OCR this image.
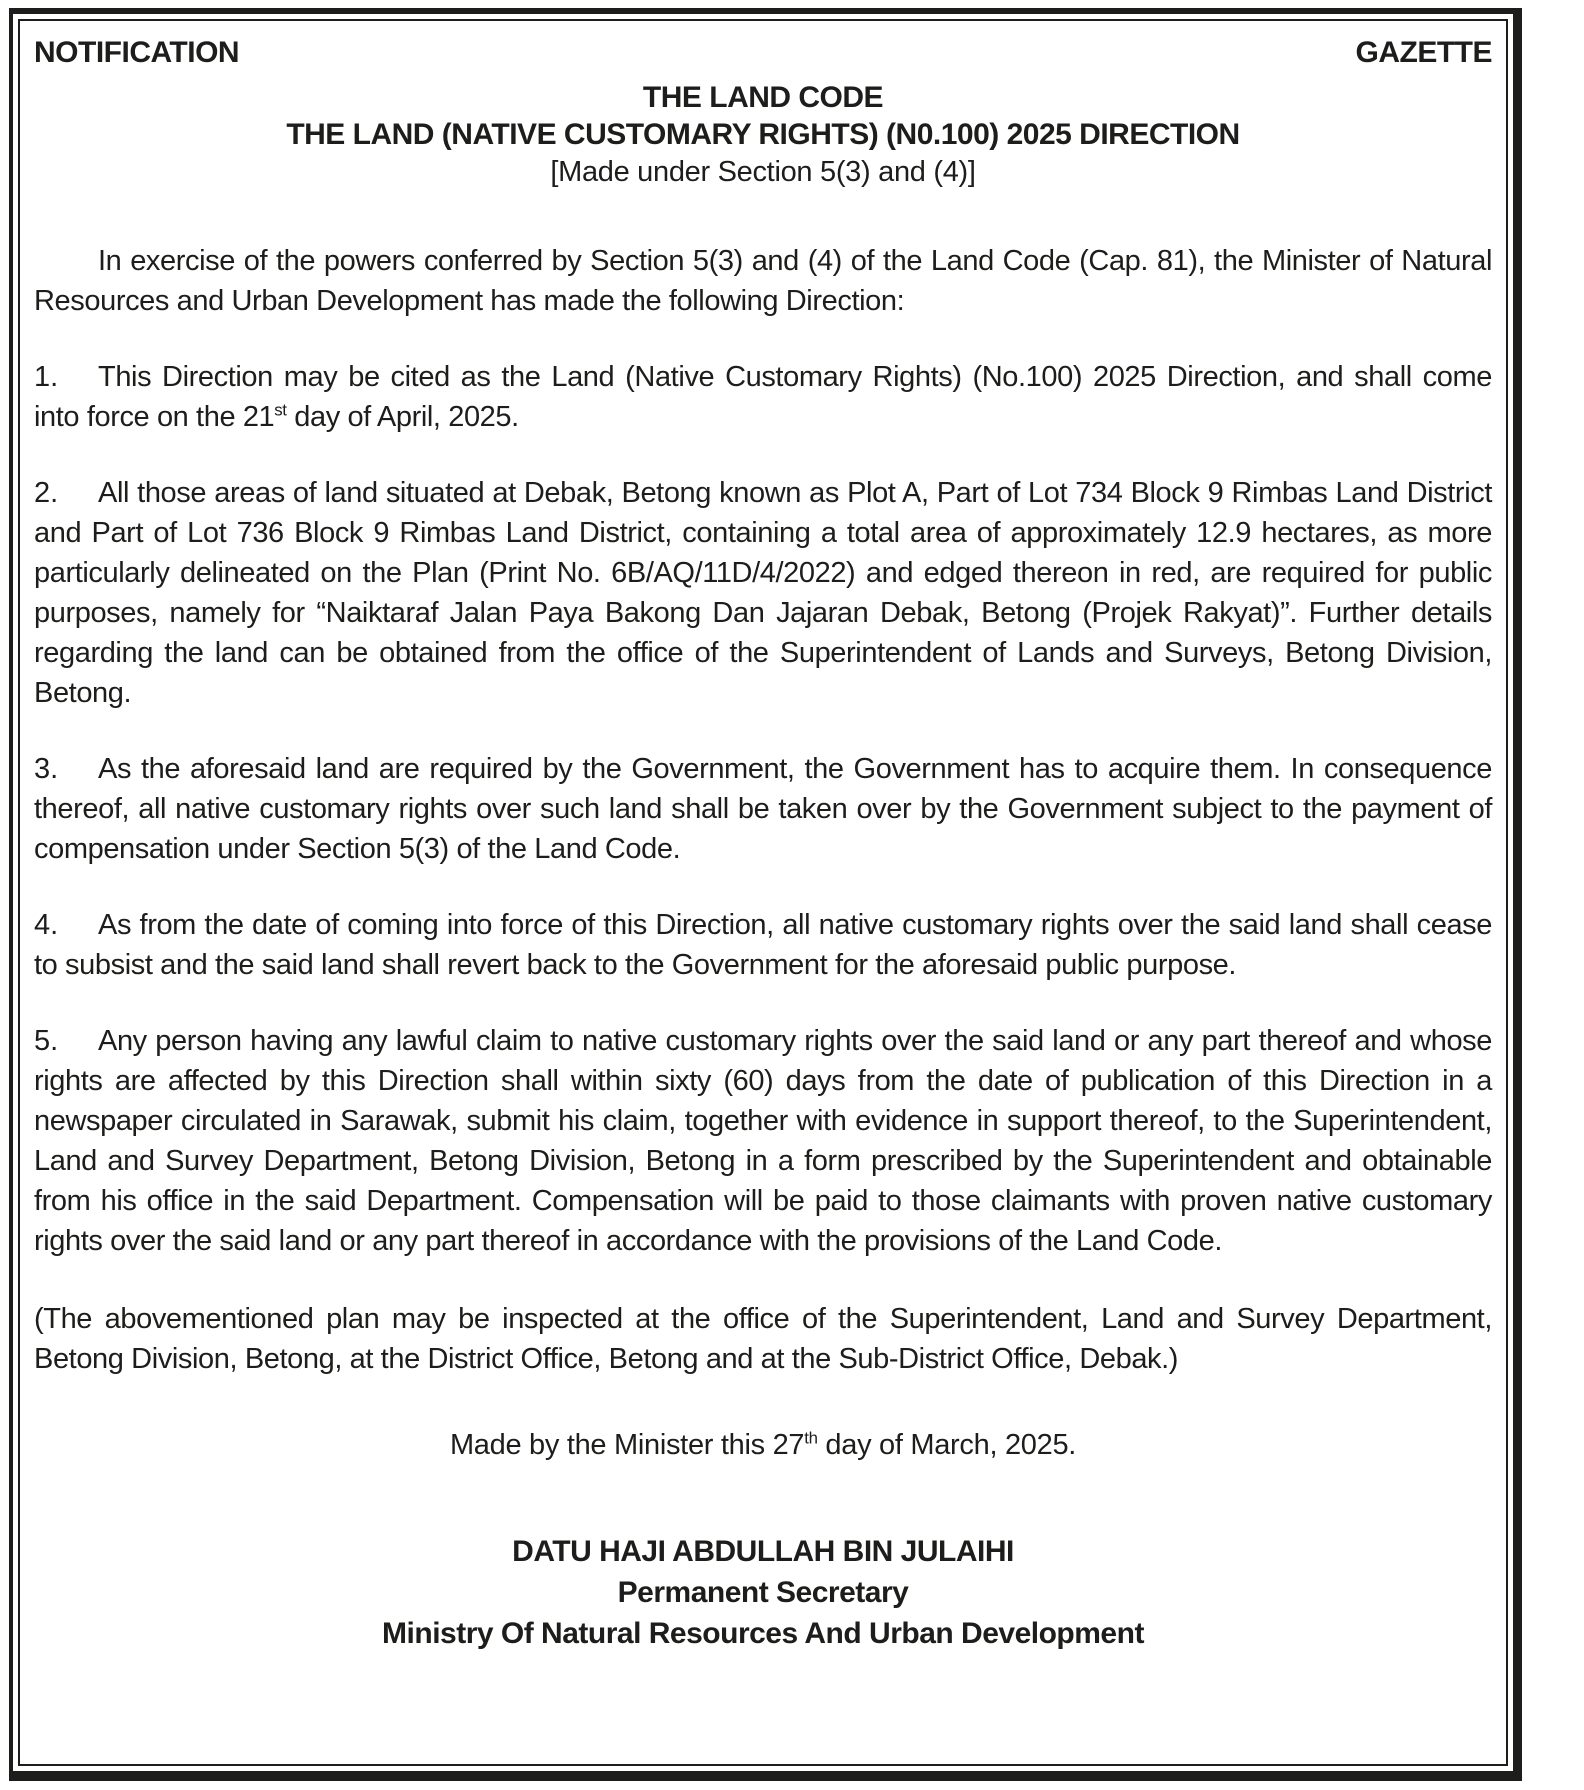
NOTIFICATION	GAZETTE
THE LAND CODE
THE LAND (NATIVE CUSTOMARY RIGHTS) (N0.100) 2025 DIRECTION
[Made under Section 5(3) and (4)]

In exercise of the powers conferred by Section 5(3) and (4) of the Land Code (Cap. 81), the Minister of Natural Resources and Urban Development has made the following Direction:

1. This Direction may be cited as the Land (Native Customary Rights) (No.100) 2025 Direction, and shall come into force on the 21st day of April, 2025.

2. All those areas of land situated at Debak, Betong known as Plot A, Part of Lot 734 Block 9 Rimbas Land District and Part of Lot 736 Block 9 Rimbas Land District, containing a total area of approximately 12.9 hectares, as more particularly delineated on the Plan (Print No. 6B/AQ/11D/4/2022) and edged thereon in red, are required for public purposes, namely for “Naiktaraf Jalan Paya Bakong Dan Jajaran Debak, Betong (Projek Rakyat)”. Further details regarding the land can be obtained from the office of the Superintendent of Lands and Surveys, Betong Division, Betong.

3. As the aforesaid land are required by the Government, the Government has to acquire them. In consequence thereof, all native customary rights over such land shall be taken over by the Government subject to the payment of compensation under Section 5(3) of the Land Code.

4. As from the date of coming into force of this Direction, all native customary rights over the said land shall cease to subsist and the said land shall revert back to the Government for the aforesaid public purpose.

5. Any person having any lawful claim to native customary rights over the said land or any part thereof and whose rights are affected by this Direction shall within sixty (60) days from the date of publication of this Direction in a newspaper circulated in Sarawak, submit his claim, together with evidence in support thereof, to the Superintendent, Land and Survey Department, Betong Division, Betong in a form prescribed by the Superintendent and obtainable from his office in the said Department. Compensation will be paid to those claimants with proven native customary rights over the said land or any part thereof in accordance with the provisions of the Land Code.

(The abovementioned plan may be inspected at the office of the Superintendent, Land and Survey Department, Betong Division, Betong, at the District Office, Betong and at the Sub-District Office, Debak.)

Made by the Minister this 27th day of March, 2025.

DATU HAJI ABDULLAH BIN JULAIHI
Permanent Secretary
Ministry Of Natural Resources And Urban Development
